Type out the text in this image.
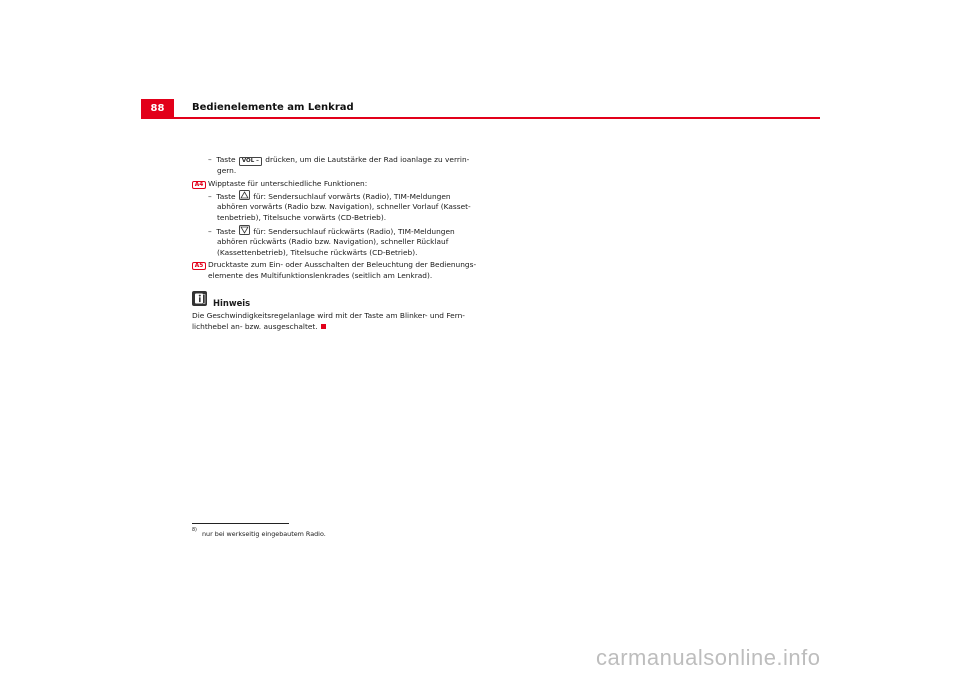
88	Bedienelemente am Lenkrad
– Taste VOL – drücken, um die Lautstärke der Rad ioanlage zu verrin-
gern.
A4 Wipptaste für unterschiedliche Funktionen:
– Taste für: Sendersuchlauf vorwärts (Radio), TIM-Meldungen
abhören vorwärts (Radio bzw. Navigation), schneller Vorlauf (Kasset-
tenbetrieb), Titelsuche vorwärts (CD-Betrieb).
– Taste für: Sendersuchlauf rückwärts (Radio), TIM-Meldungen
abhören rückwärts (Radio bzw. Navigation), schneller Rücklauf
(Kassettenbetrieb), Titelsuche rückwärts (CD-Betrieb).
A5 Drucktaste zum Ein- oder Ausschalten der Beleuchtung der Bedienungs-
elemente des Multifunktionslenkrades (seitlich am Lenkrad).
Hinweis
Die Geschwindigkeitsregelanlage wird mit der Taste am Blinker- und Fern-
lichthebel an- bzw. ausgeschaltet.
8) nur bei werkseitig eingebautem Radio.
carmanualsonline.info
